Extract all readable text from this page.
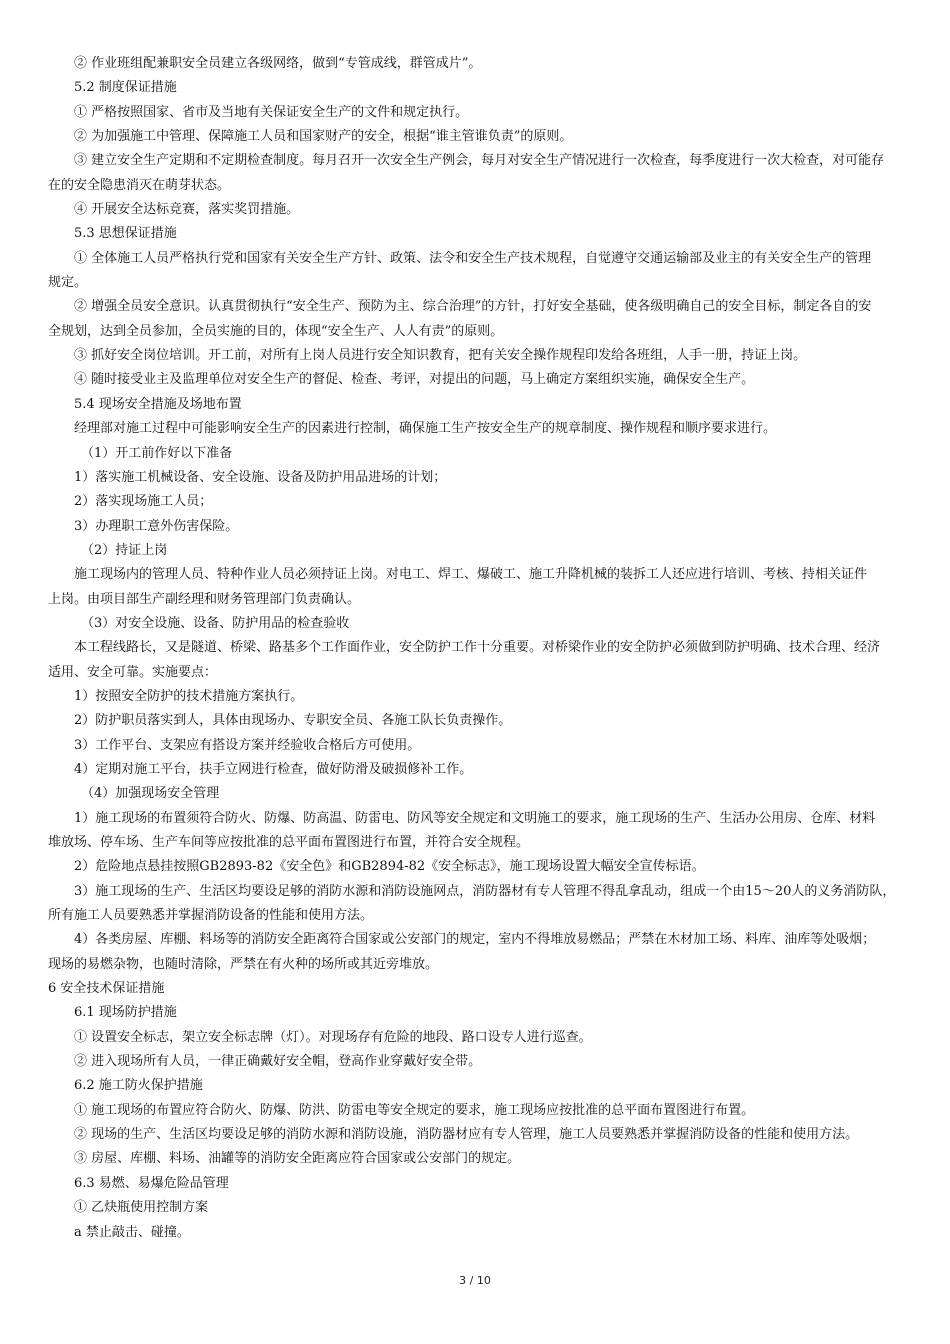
② 作业班组配兼职安全员建立各级网络，做到“专管成线，群管成片”。
5.2 制度保证措施
① 严格按照国家、省市及当地有关保证安全生产的文件和规定执行。
② 为加强施工中管理、保障施工人员和国家财产的安全，根据“谁主管谁负责”的原则。
③ 建立安全生产定期和不定期检查制度。每月召开一次安全生产例会，每月对安全生产情况进行一次检查，每季度进行一次大检查，对可能存
在的安全隐患消灭在萌芽状态。
④ 开展安全达标竞赛，落实奖罚措施。
5.3 思想保证措施
① 全体施工人员严格执行党和国家有关安全生产方针、政策、法令和安全生产技术规程，自觉遵守交通运输部及业主的有关安全生产的管理
规定。
② 增强全员安全意识。认真贯彻执行“安全生产、预防为主、综合治理”的方针，打好安全基础，使各级明确自己的安全目标，制定各自的安
全规划，达到全员参加，全员实施的目的，体现“安全生产、人人有责”的原则。
③ 抓好安全岗位培训。开工前，对所有上岗人员进行安全知识教育，把有关安全操作规程印发给各班组，人手一册，持证上岗。
④ 随时接受业主及监理单位对安全生产的督促、检查、考评，对提出的问题，马上确定方案组织实施，确保安全生产。
5.4 现场安全措施及场地布置
经理部对施工过程中可能影响安全生产的因素进行控制，确保施工生产按安全生产的规章制度、操作规程和顺序要求进行。
（1）开工前作好以下准备
1）落实施工机械设备、安全设施、设备及防护用品进场的计划；
2）落实现场施工人员；
3）办理职工意外伤害保险。
（2）持证上岗
施工现场内的管理人员、特种作业人员必须持证上岗。对电工、焊工、爆破工、施工升降机械的装拆工人还应进行培训、考核、持相关证件
上岗。由项目部生产副经理和财务管理部门负责确认。
（3）对安全设施、设备、防护用品的检查验收
本工程线路长，又是隧道、桥梁、路基多个工作面作业，安全防护工作十分重要。对桥梁作业的安全防护必须做到防护明确、技术合理、经济
适用、安全可靠。实施要点：
1）按照安全防护的技术措施方案执行。
2）防护职员落实到人，具体由现场办、专职安全员、各施工队长负责操作。
3）工作平台、支架应有搭设方案并经验收合格后方可使用。
4）定期对施工平台，扶手立网进行检查，做好防滑及破损修补工作。
（4）加强现场安全管理
1）施工现场的布置须符合防火、防爆、防高温、防雷电、防风等安全规定和文明施工的要求，施工现场的生产、生活办公用房、仓库、材料
堆放场、停车场、生产车间等应按批准的总平面布置图进行布置，并符合安全规程。
2）危险地点悬挂按照GB2893-82《安全色》和GB2894-82《安全标志》，施工现场设置大幅安全宣传标语。
3）施工现场的生产、生活区均要设足够的消防水源和消防设施网点，消防器材有专人管理不得乱拿乱动，组成一个由15～20人的义务消防队，
所有施工人员要熟悉并掌握消防设备的性能和使用方法。
4）各类房屋、库棚、料场等的消防安全距离符合国家或公安部门的规定，室内不得堆放易燃品；严禁在木材加工场、料库、油库等处吸烟；
现场的易燃杂物，也随时清除，严禁在有火种的场所或其近旁堆放。
6 安全技术保证措施
6.1 现场防护措施
① 设置安全标志，架立安全标志牌（灯）。对现场存有危险的地段、路口设专人进行巡查。
② 进入现场所有人员，一律正确戴好安全帽，登高作业穿戴好安全带。
6.2 施工防火保护措施
① 施工现场的布置应符合防火、防爆、防洪、防雷电等安全规定的要求，施工现场应按批准的总平面布置图进行布置。
② 现场的生产、生活区均要设足够的消防水源和消防设施，消防器材应有专人管理，施工人员要熟悉并掌握消防设备的性能和使用方法。
③ 房屋、库棚、料场、油罐等的消防安全距离应符合国家或公安部门的规定。
6.3 易燃、易爆危险品管理
① 乙炔瓶使用控制方案
a 禁止敲击、碰撞。
3 / 10
